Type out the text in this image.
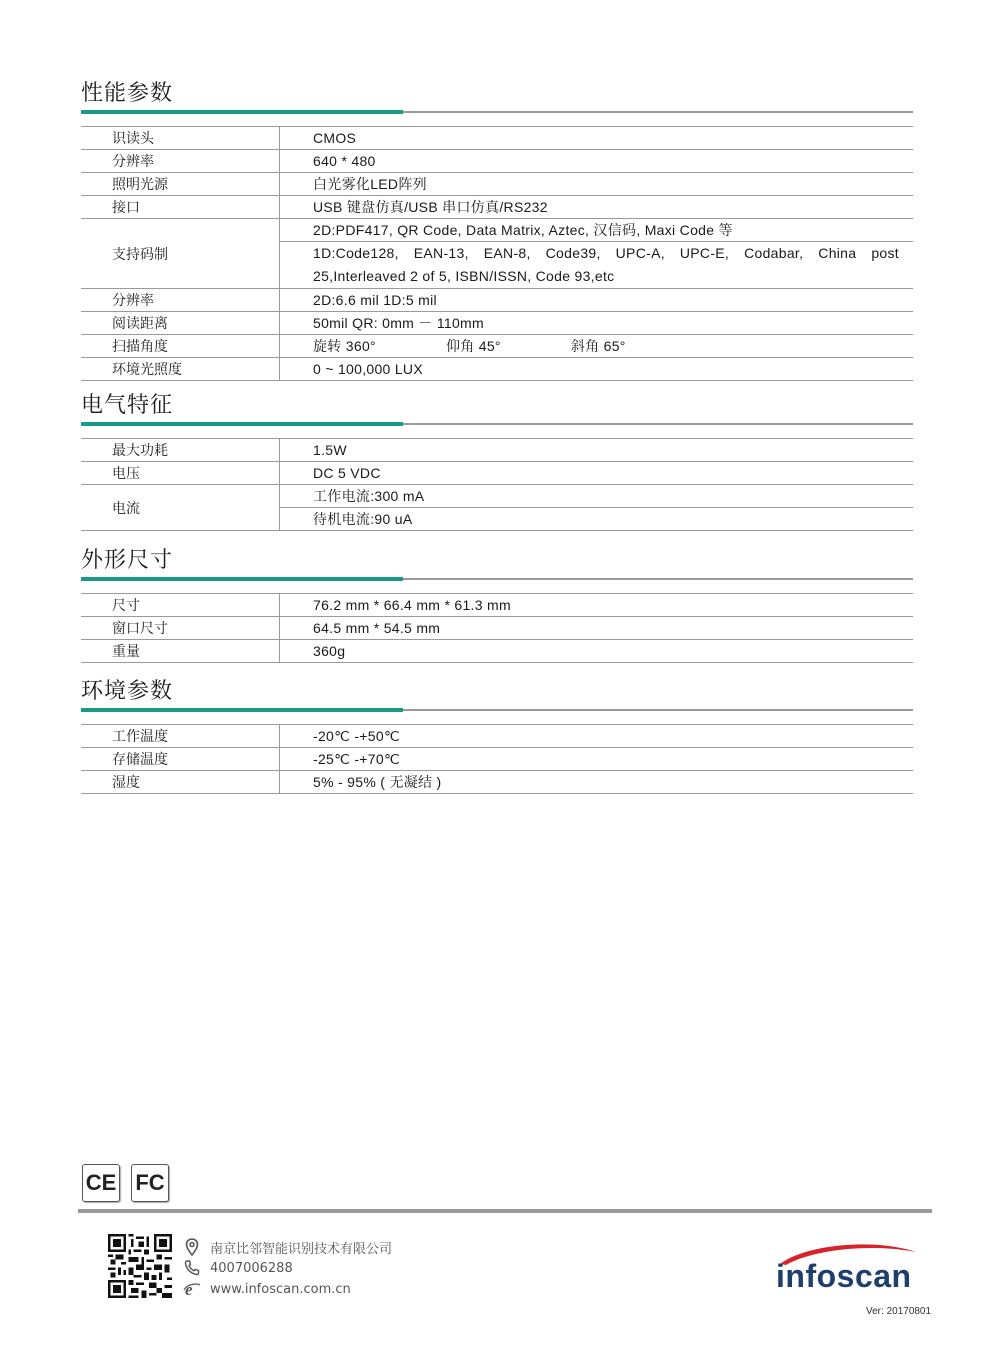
性能参数
识读头	CMOS
分辨率	640 * 480
照明光源	白光雾化LED阵列
接口	USB 键盘仿真/USB 串口仿真/RS232
支持码制	2D:PDF417, QR Code, Data Matrix, Aztec, 汉信码, Maxi Code 等

	1D:Code128, EAN-13, EAN-8, Code39, UPC-A, UPC-E, Codabar, China post
25,Interleaved 2 of 5, ISBN/ISSN, Code 93,etc

分辨率	2D:6.6 mil 1D:5 mil
阅读距离	50mil QR: 0mm － 110mm
扫描角度	旋转 360° 仰角 45° 斜角 65°
环境光照度	0 ~ 100,000 LUX
电气特征
最大功耗	1.5W
电压	DC 5 VDC
电流	工作电流:300 mA
	待机电流:90 uA
外形尺寸
尺寸	76.2 mm * 66.4 mm * 61.3 mm
窗口尺寸	64.5 mm * 54.5 mm
重量	360g
环境参数
工作温度	-20℃ -+50℃
存储温度	-25℃ -+70℃
湿度	5% - 95% ( 无凝结 )
CE FC
南京比邻智能识别技术有限公司
4007006288
e www.infoscan.com.cn	infoscan
Ver: 20170801
